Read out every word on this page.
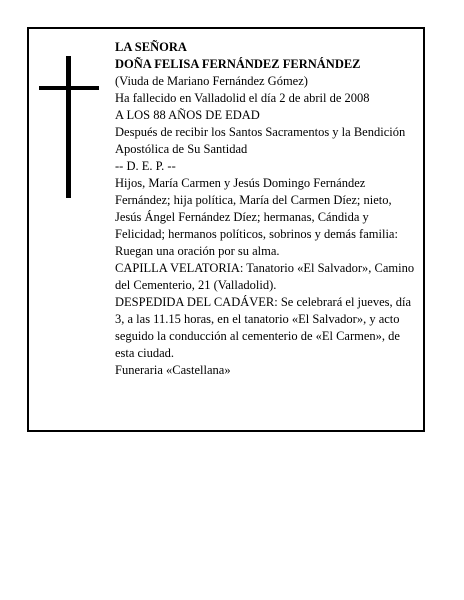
LA SEÑORA

DOÑA FELISA FERNÁNDEZ FERNÁNDEZ

(Viuda de Mariano Fernández Gómez)

Ha fallecido en Valladolid el día 2 de abril de 2008

A LOS 88 AÑOS DE EDAD

Después de recibir los Santos Sacramentos y la Bendición Apostólica de Su Santidad

-- D. E. P. --

Hijos, María Carmen y Jesús Domingo Fernández Fernández; hija política, María del Carmen Díez; nieto, Jesús Ángel Fernández Díez; hermanas, Cándida y Felicidad; hermanos políticos, sobrinos y demás familia:

Ruegan una oración por su alma.

CAPILLA VELATORIA: Tanatorio «El Salvador», Camino del Cementerio, 21 (Valladolid).

DESPEDIDA DEL CADÁVER: Se celebrará el jueves, día 3, a las 11.15 horas, en el tanatorio «El Salvador», y acto seguido la conducción al cementerio de «El Carmen», de esta ciudad.

Funeraria «Castellana»
